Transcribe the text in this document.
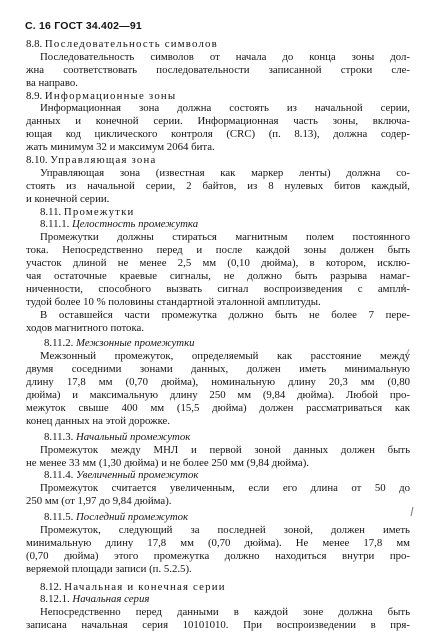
С. 16 ГОСТ 34.402—91
8.8. Последовательность символов
Последовательность символов от начала до конца зоны дол-
жна соответствовать последовательности записанной строки сле-
ва направо.
8.9. Информационные зоны
Информационная зона должна состоять из начальной серии,
данных и конечной серии. Информационная часть зоны, включа-
ющая код циклического контроля (CRC) (п. 8.13), должна содер-
жать минимум 32 и максимум 2064 бита.
8.10. Управляющая зона
Управляющая зона (известная как маркер ленты) должна со-
стоять из начальной серии, 2 байтов, из 8 нулевых битов каждый,
и конечной серии.
8.11. Промежутки
8.11.1. Целостность промежутка
Промежутки должны стираться магнитным полем постоянного
тока. Непосредственно перед и после каждой зоны должен быть
участок длиной не менее 2,5 мм (0,10 дюйма), в котором, исклю-
чая остаточные краевые сигналы, не должно быть разрыва намаг-
ниченности, способного вызвать сигнал воспроизведения с ампли-
тудой более 10 % половины стандартной эталонной амплитуды.
В оставшейся части промежутка должно быть не более 7 пере-
ходов магнитного потока.
8.11.2. Межзонные промежутки
Межзонный промежуток, определяемый как расстояние между
двумя соседними зонами данных, должен иметь минимальную
длину 17,8 мм (0,70 дюйма), номинальную длину 20,3 мм (0,80
дюйма) и максимальную длину 250 мм (9,84 дюйма). Любой про-
межуток свыше 400 мм (15,5 дюйма) должен рассматриваться как
конец данных на этой дорожке.
8.11.3. Начальный промежуток
Промежуток между МНЛ и первой зоной данных должен быть
не менее 33 мм (1,30 дюйма) и не более 250 мм (9,84 дюйма).
8.11.4. Увеличенный промежуток
Промежуток считается увеличенным, если его длина от 50 до
250 мм (от 1,97 до 9,84 дюйма).
8.11.5. Последний промежуток
Промежуток, следующий за последней зоной, должен иметь
минимальную длину 17,8 мм (0,70 дюйма). Не менее 17,8 мм
(0,70 дюйма) этого промежутка должно находиться внутри про-
веряемой площади записи (п. 5.2.5).
8.12. Начальная и конечная серии
8.12.1. Начальная серия
Непосредственно перед данными в каждой зоне должна быть
записана начальная серия 10101010. При воспроизведении в пря-
